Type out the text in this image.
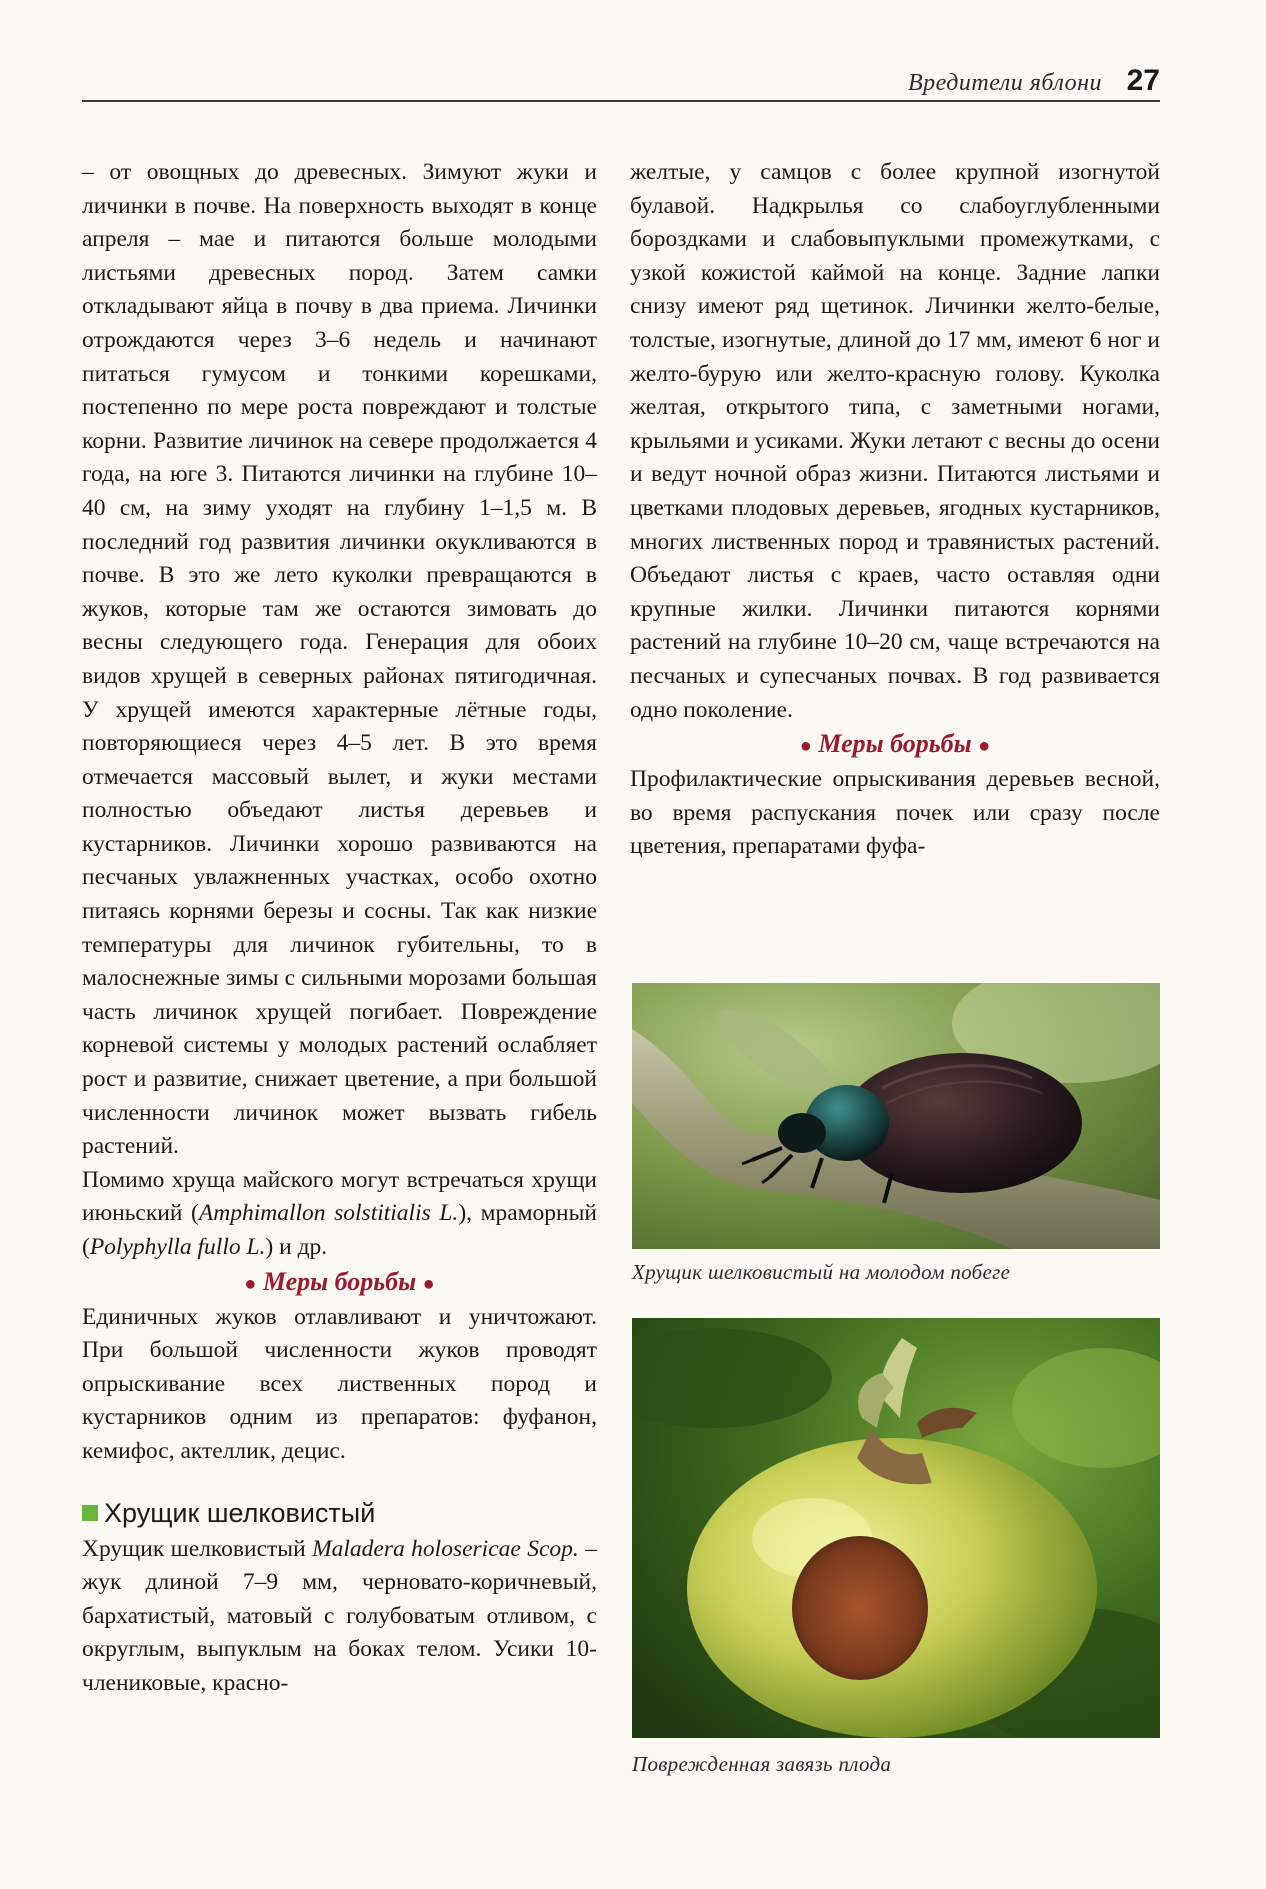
Вредители яблони 27

– от овощных до древесных. Зимуют жуки и личинки в почве. На поверхность выходят в конце апреля – мае и питаются больше молодыми листьями древесных пород. Затем самки откладывают яйца в почву в два приема. Личинки отрождаются через 3–6 недель и начинают питаться гумусом и тонкими корешками, постепенно по мере роста повреждают и толстые корни. Развитие личинок на севере продолжается 4 года, на юге 3. Питаются личинки на глубине 10–40 см, на зиму уходят на глубину 1–1,5 м. В последний год развития личинки окукливаются в почве. В это же лето куколки превращаются в жуков, которые там же остаются зимовать до весны следующего года. Генерация для обоих видов хрущей в северных районах пятигодичная. У хрущей имеются характерные лётные годы, повторяющиеся через 4–5 лет. В это время отмечается массовый вылет, и жуки местами полностью объедают листья деревьев и кустарников. Личинки хорошо развиваются на песчаных увлажненных участках, особо охотно питаясь корнями березы и сосны. Так как низкие температуры для личинок губительны, то в малоснежные зимы с сильными морозами большая часть личинок хрущей погибает. Повреждение корневой системы у молодых растений ослабляет рост и развитие, снижает цветение, а при большой численности личинок может вызвать гибель растений.

Помимо хруща майского могут встречаться хрущи июньский (Amphimallon solstitialis L.), мраморный (Polyphylla fullo L.) и др.

● Меры борьбы ●

Единичных жуков отлавливают и уничтожают. При большой численности жуков проводят опрыскивание всех лиственных пород и кустарников одним из препаратов: фуфанон, кемифос, актеллик, децис.

Хрущик шелковистый

Хрущик шелковистый Maladera holosericae Scop. – жук длиной 7–9 мм, черновато-коричневый, бархатистый, матовый с голубоватым отливом, с округлым, выпуклым на боках телом. Усики 10-члениковые, красно-

желтые, у самцов с более крупной изогнутой булавой. Надкрылья со слабоуглубленными бороздками и слабовыпуклыми промежутками, с узкой кожистой каймой на конце. Задние лапки снизу имеют ряд щетинок. Личинки желто-белые, толстые, изогнутые, длиной до 17 мм, имеют 6 ног и желто-бурую или желто-красную голову. Куколка желтая, открытого типа, с заметными ногами, крыльями и усиками. Жуки летают с весны до осени и ведут ночной образ жизни. Питаются листьями и цветками плодовых деревьев, ягодных кустарников, многих лиственных пород и травянистых растений. Объедают листья с краев, часто оставляя одни крупные жилки. Личинки питаются корнями растений на глубине 10–20 см, чаще встречаются на песчаных и супесчаных почвах. В год развивается одно поколение.

● Меры борьбы ●

Профилактические опрыскивания деревьев весной, во время распускания почек или сразу после цветения, препаратами фуфа-

Хрущик шелковистый на молодом побеге
Поврежденная завязь плода
